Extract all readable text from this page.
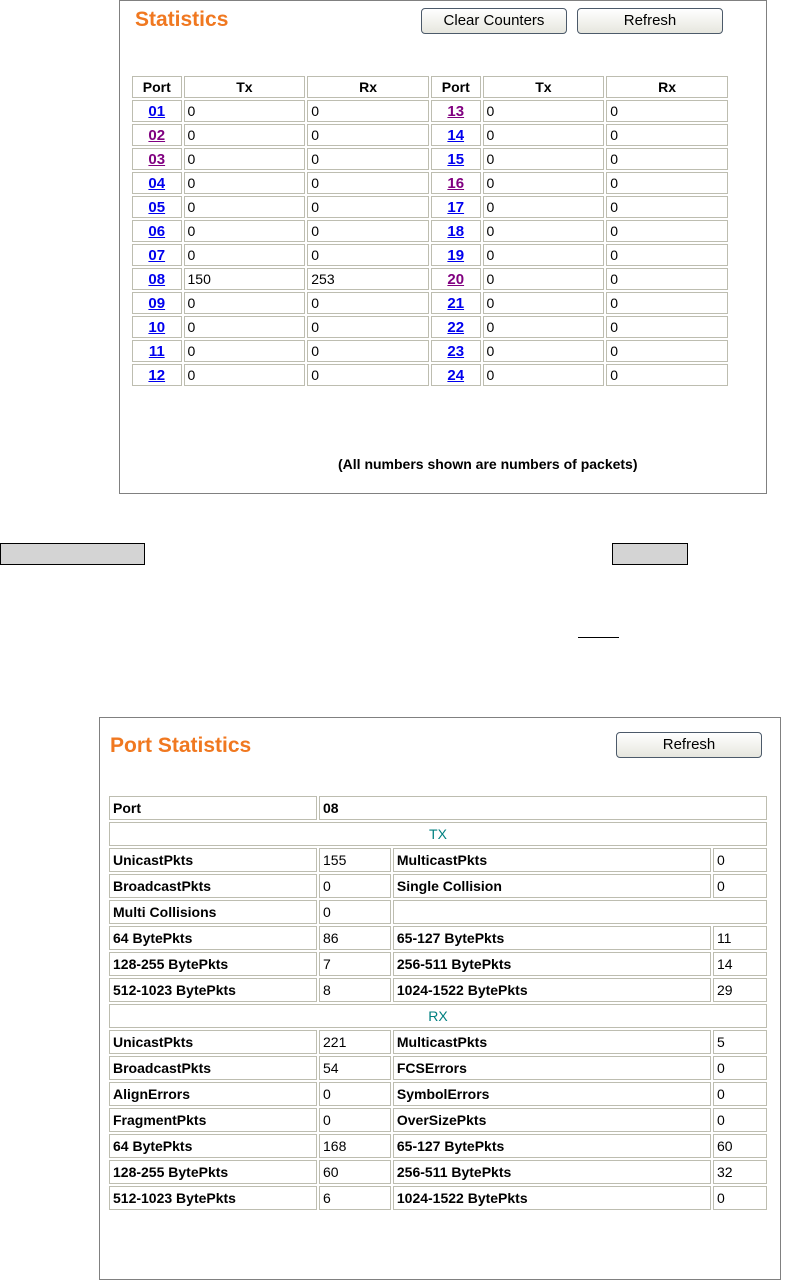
Statistics	Clear Counters	Refresh
Port	Tx	Rx	Port	Tx	Rx
01	0	0	13	0	0
02	0	0	14	0	0
03	0	0	15	0	0
04	0	0	16	0	0
05	0	0	17	0	0
06	0	0	18	0	0
07	0	0	19	0	0
08	150	253	20	0	0
09	0	0	21	0	0
10	0	0	22	0	0
11	0	0	23	0	0
12	0	0	24	0	0
(All numbers shown are numbers of packets)
Port Statistics	Refresh
Port	08		
TX			
UnicastPkts	155	MulticastPkts	0
BroadcastPkts	0	Single Collision	0
Multi Collisions	0		
64 BytePkts	86	65-127 BytePkts	11
128-255 BytePkts	7	256-511 BytePkts	14
512-1023 BytePkts	8	1024-1522 BytePkts	29
RX			
UnicastPkts	221	MulticastPkts	5
BroadcastPkts	54	FCSErrors	0
AlignErrors	0	SymbolErrors	0
FragmentPkts	0	OverSizePkts	0
64 BytePkts	168	65-127 BytePkts	60
128-255 BytePkts	60	256-511 BytePkts	32
512-1023 BytePkts	6	1024-1522 BytePkts	0
